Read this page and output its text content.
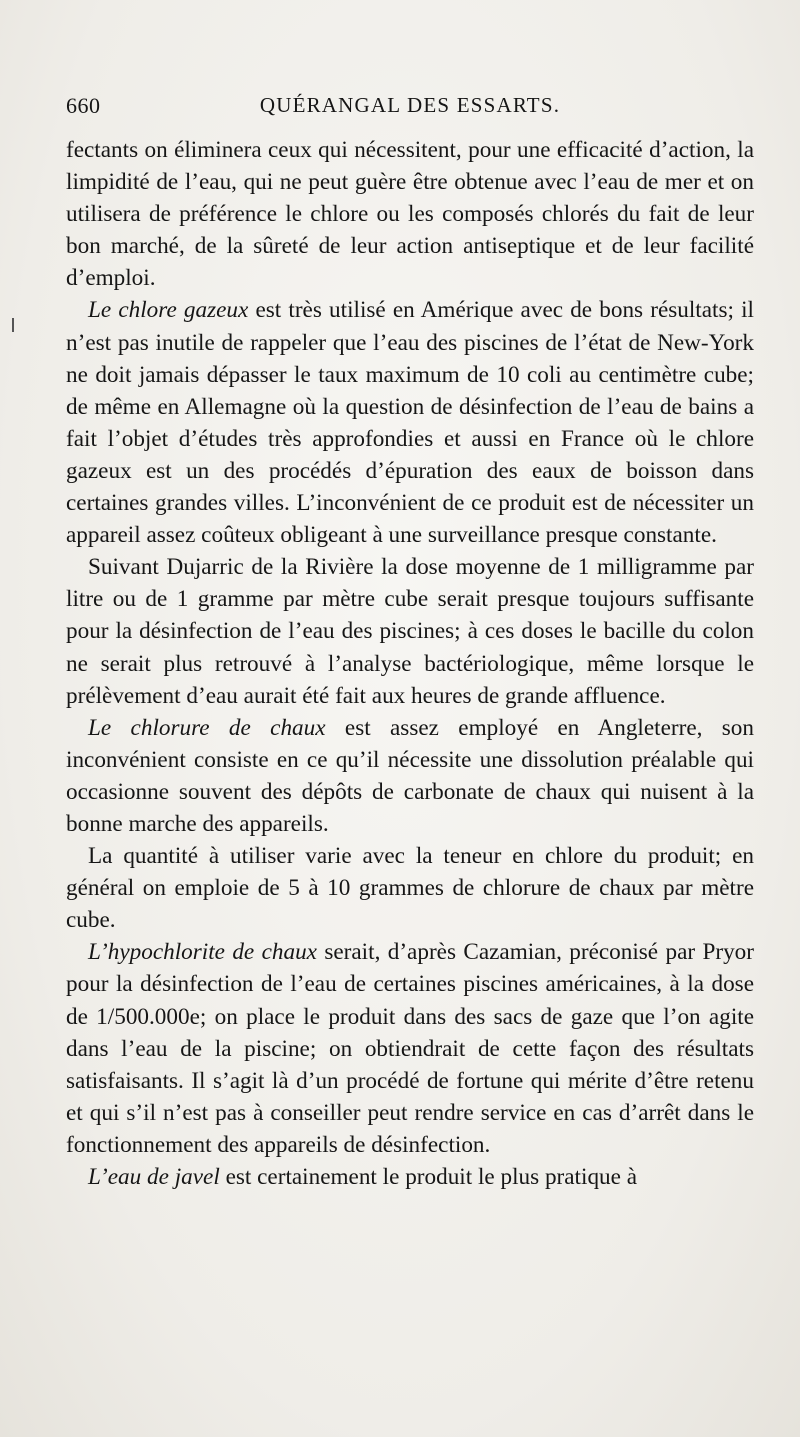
660	QUÉRANGAL DES ESSARTS.

fectants on éliminera ceux qui nécessitent, pour une efficacité d’action, la limpidité de l’eau, qui ne peut guère être obtenue avec l’eau de mer et on utilisera de préférence le chlore ou les composés chlorés du fait de leur bon marché, de la sûreté de leur action antiseptique et de leur facilité d’emploi.

Le chlore gazeux est très utilisé en Amérique avec de bons résultats; il n’est pas inutile de rappeler que l’eau des piscines de l’état de New-York ne doit jamais dépasser le taux maximum de 10 coli au centimètre cube; de même en Allemagne où la question de désinfection de l’eau de bains a fait l’objet d’études très approfondies et aussi en France où le chlore gazeux est un des procédés d’épuration des eaux de boisson dans certaines grandes villes. L’inconvénient de ce produit est de nécessiter un appareil assez coûteux obligeant à une surveillance presque constante.

Suivant Dujarric de la Rivière la dose moyenne de 1 milligramme par litre ou de 1 gramme par mètre cube serait presque toujours suffisante pour la désinfection de l’eau des piscines; à ces doses le bacille du colon ne serait plus retrouvé à l’analyse bactériologique, même lorsque le prélèvement d’eau aurait été fait aux heures de grande affluence.

Le chlorure de chaux est assez employé en Angleterre, son inconvénient consiste en ce qu’il nécessite une dissolution préalable qui occasionne souvent des dépôts de carbonate de chaux qui nuisent à la bonne marche des appareils.

La quantité à utiliser varie avec la teneur en chlore du produit; en général on emploie de 5 à 10 grammes de chlorure de chaux par mètre cube.

L’hypochlorite de chaux serait, d’après Cazamian, préconisé par Pryor pour la désinfection de l’eau de certaines piscines américaines, à la dose de 1/500.000e; on place le produit dans des sacs de gaze que l’on agite dans l’eau de la piscine; on obtiendrait de cette façon des résultats satisfaisants. Il s’agit là d’un procédé de fortune qui mérite d’être retenu et qui s’il n’est pas à conseiller peut rendre service en cas d’arrêt dans le fonctionnement des appareils de désinfection.

L’eau de javel est certainement le produit le plus pratique à
